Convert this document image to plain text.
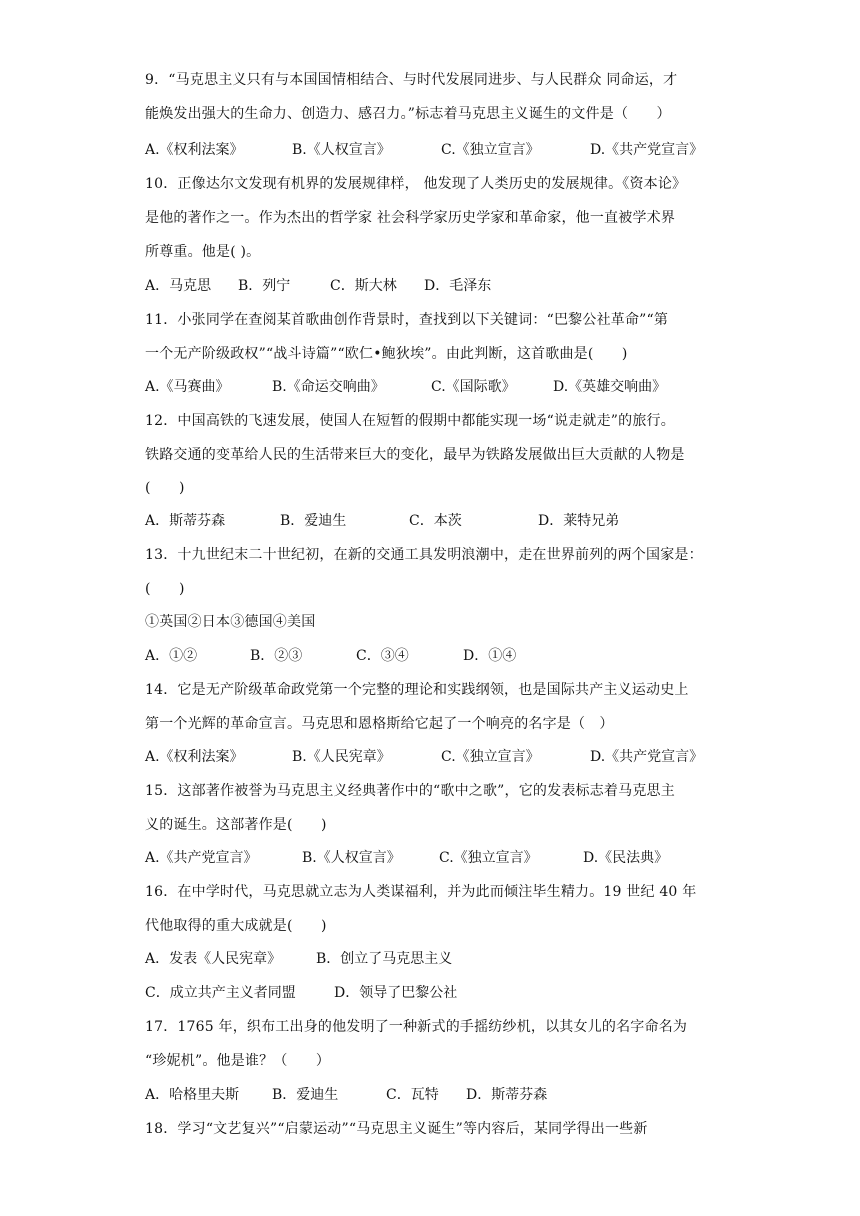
9．“马克思主义只有与本国国情相结合、与时代发展同进步、与人民群众 同命运，才
能焕发出强大的生命力、创造力、感召力。”标志着马克思主义诞生的文件是（　　）
A.《权利法案》	B.《人权宣言》	C.《独立宣言》	D.《共产党宣言》
10．正像达尔文发现有机界的发展规律样， 他发现了人类历史的发展规律。《资本论》
是他的著作之一。作为杰出的哲学家 社会科学家历史学家和革命家，他一直被学术界
所尊重。他是( )。
A．马克思 B．列宁	C．斯大林 D．毛泽东
11．小张同学在查阅某首歌曲创作背景时，查找到以下关键词：“巴黎公社革命”“第
一个无产阶级政权”“战斗诗篇”“欧仁•鲍狄埃”。由此判断，这首歌曲是(　　)
A.《马赛曲》	B.《命运交响曲》	C.《国际歌》	D.《英雄交响曲》
12．中国高铁的飞速发展，使国人在短暂的假期中都能实现一场“说走就走”的旅行。
铁路交通的变革给人民的生活带来巨大的变化，最早为铁路发展做出巨大贡献的人物是
(　　)
A．斯蒂芬森	B．爱迪生	C．本茨	D．莱特兄弟
13．十九世纪末二十世纪初，在新的交通工具发明浪潮中，走在世界前列的两个国家是：
(　　)
①英国②日本③德国④美国
A．①②	B．②③	C．③④	D．①④
14．它是无产阶级革命政党第一个完整的理论和实践纲领，也是国际共产主义运动史上
第一个光辉的革命宣言。马克思和恩格斯给它起了一个响亮的名字是（　）
A.《权利法案》	B.《人民宪章》	C.《独立宣言》	D.《共产党宣言》
15．这部著作被誉为马克思主义经典著作中的“歌中之歌”，它的发表标志着马克思主
义的诞生。这部著作是(　　)
A.《共产党宣言》	B.《人权宣言》	C.《独立宣言》	D.《民法典》
16．在中学时代，马克思就立志为人类谋福利，并为此而倾注毕生精力。19 世纪 40 年
代他取得的重大成就是(　　)
A．发表《人民宪章》 B．创立了马克思主义
C．成立共产主义者同盟	D．领导了巴黎公社
17．1765 年，织布工出身的他发明了一种新式的手摇纺纱机，以其女儿的名字命名为
“珍妮机”。他是谁？（　　）
A．哈格里夫斯 B．爱迪生	C．瓦特 D．斯蒂芬森
18．学习“文艺复兴”“启蒙运动”“马克思主义诞生”等内容后，某同学得出一些新
